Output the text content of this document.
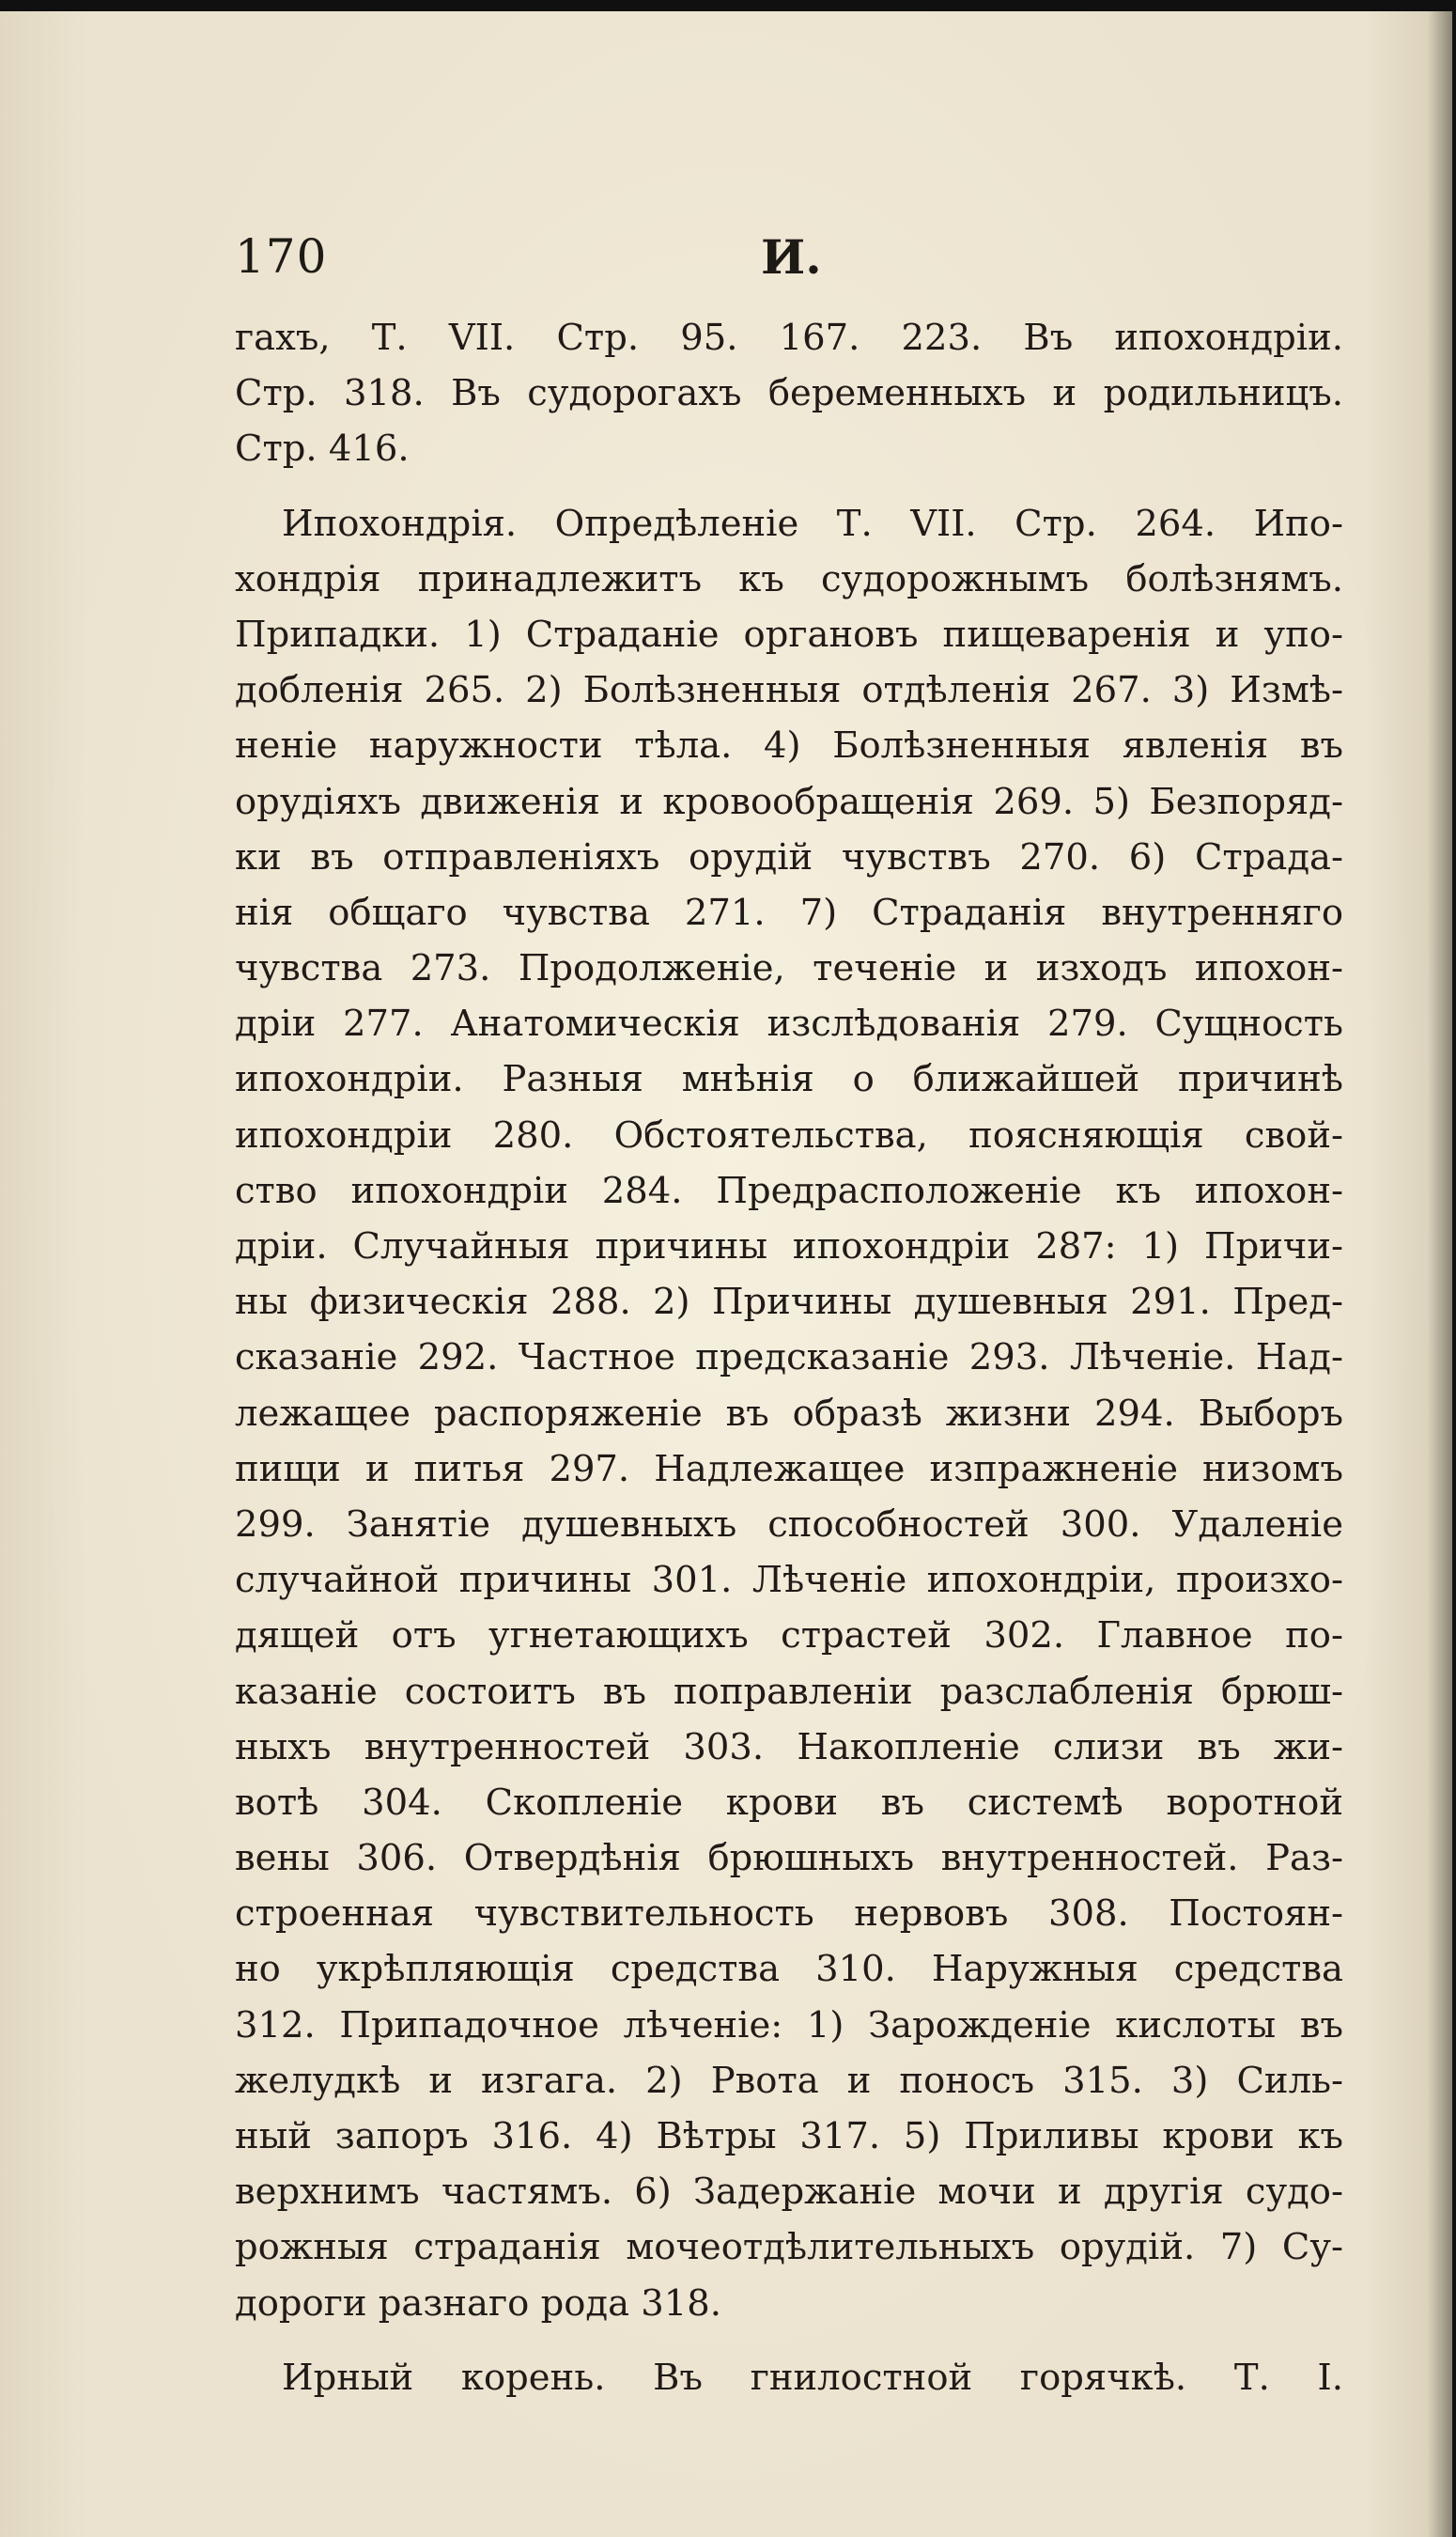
170	И.
гахъ, Т. VII. Стр. 95. 167. 223. Въ ипохондріи.
Стр. 318. Въ судорогахъ беременныхъ и родильницъ.
Стр. 416.
Ипохондрія. Опредѣленіе Т. VII. Стр. 264. Ипо-
хондрія принадлежитъ къ судорожнымъ болѣзнямъ.
Припадки. 1) Страданіе органовъ пищеваренія и упо-
добленія 265. 2) Болѣзненныя отдѣленія 267. 3) Измѣ-
неніе наружности тѣла. 4) Болѣзненныя явленія въ
орудіяхъ движенія и кровообращенія 269. 5) Безпоряд-
ки въ отправленіяхъ орудій чувствъ 270. 6) Страда-
нія общаго чувства 271. 7) Страданія внутренняго
чувства 273. Продолженіе, теченіе и изходъ ипохон-
дріи 277. Анатомическія изслѣдованія 279. Сущность
ипохондріи. Разныя мнѣнія о ближайшей причинѣ
ипохондріи 280. Обстоятельства, поясняющія свой-
ство ипохондріи 284. Предрасположеніе къ ипохон-
дріи. Случайныя причины ипохондріи 287: 1) Причи-
ны физическія 288. 2) Причины душевныя 291. Пред-
сказаніе 292. Частное предсказаніе 293. Лѣченіе. Над-
лежащее распоряженіе въ образѣ жизни 294. Выборъ
пищи и питья 297. Надлежащее изпражненіе низомъ
299. Занятіе душевныхъ способностей 300. Удаленіе
случайной причины 301. Лѣченіе ипохондріи, произхо-
дящей отъ угнетающихъ страстей 302. Главное по-
казаніе состоитъ въ поправленіи разслабленія брюш-
ныхъ внутренностей 303. Накопленіе слизи въ жи-
вотѣ 304. Скопленіе крови въ системѣ воротной
вены 306. Отвердѣнія брюшныхъ внутренностей. Раз-
строенная чувствительность нервовъ 308. Постоян-
но укрѣпляющія средства 310. Наружныя средства
312. Припадочное лѣченіе: 1) Зарожденіе кислоты въ
желудкѣ и изгага. 2) Рвота и поносъ 315. 3) Силь-
ный запоръ 316. 4) Вѣтры 317. 5) Приливы крови къ
верхнимъ частямъ. 6) Задержаніе мочи и другія судо-
рожныя страданія мочеотдѣлительныхъ орудій. 7) Су-
дороги разнаго рода 318.
Ирный корень. Въ гнилостной горячкѣ. Т. I.
